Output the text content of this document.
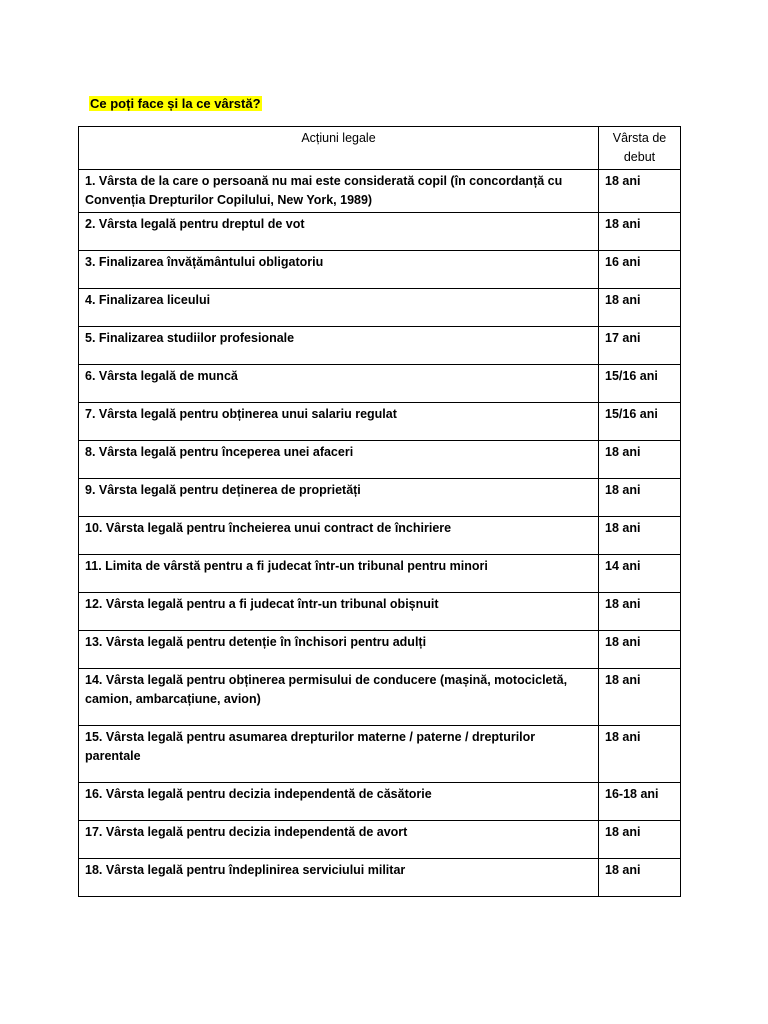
Ce poți face și la ce vârstă?

Acțiuni legale	Vârsta de debut
1. Vârsta de la care o persoană nu mai este considerată copil (în concordanță cu Convenția Drepturilor Copilului, New York, 1989)	18 ani
2. Vârsta legală pentru dreptul de vot	18 ani
3. Finalizarea învățământului obligatoriu	16 ani
4. Finalizarea liceului	18 ani
5. Finalizarea studiilor profesionale	17 ani
6. Vârsta legală de muncă	15/16 ani
7. Vârsta legală pentru obținerea unui salariu regulat	15/16 ani
8. Vârsta legală pentru începerea unei afaceri	18 ani
9. Vârsta legală pentru deținerea de proprietăți	18 ani
10. Vârsta legală pentru încheierea unui contract de închiriere	18 ani
11. Limita de vârstă pentru a fi judecat într-un tribunal pentru minori	14 ani
12. Vârsta legală pentru a fi judecat într-un tribunal obișnuit	18 ani
13. Vârsta legală pentru detenție în închisori pentru adulți	18 ani
14. Vârsta legală pentru obținerea permisului de conducere (mașină, motocicletă, camion, ambarcațiune, avion)	18 ani
15. Vârsta legală pentru asumarea drepturilor materne / paterne / drepturilor parentale	18 ani
16. Vârsta legală pentru decizia independentă de căsătorie	16-18 ani
17. Vârsta legală pentru decizia independentă de avort	18 ani
18. Vârsta legală pentru îndeplinirea serviciului militar	18 ani
